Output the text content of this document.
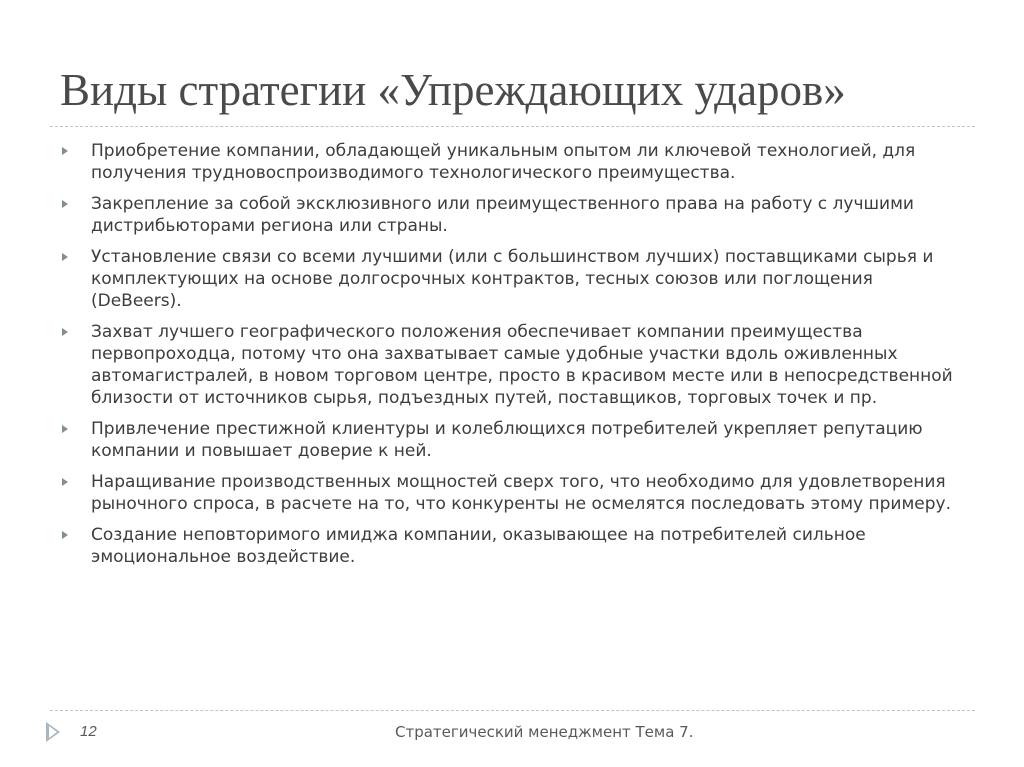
Виды стратегии «Упреждающих ударов»
Приобретение компании, обладающей уникальным опытом ли ключевой технологией, для получения трудновоспроизводимого технологического преимущества.
Закрепление за собой эксклюзивного или преимущественного права на работу с лучшими дистрибьюторами региона или страны.
Установление связи со всеми лучшими (или с большинством лучших) поставщиками сырья и комплектующих на основе долгосрочных контрактов, тесных союзов или поглощения (DeBeers).
Захват лучшего географического положения обеспечивает компании преимущества первопроходца, потому что она захватывает самые удобные участки вдоль оживленных автомагистралей, в новом торговом центре, просто в красивом месте или в непосредственной близости от источников сырья, подъездных путей, поставщиков, торговых точек и пр.
Привлечение престижной клиентуры и колеблющихся потребителей укрепляет репутацию компании и повышает доверие к ней.
Наращивание производственных мощностей сверх того, что необходимо для удовлетворения рыночного спроса, в расчете на то, что конкуренты не осмелятся последовать этому примеру.
Создание неповторимого имиджа компании, оказывающее на потребителей сильное эмоциональное воздействие.
12	Стратегический менеджмент Тема 7.
